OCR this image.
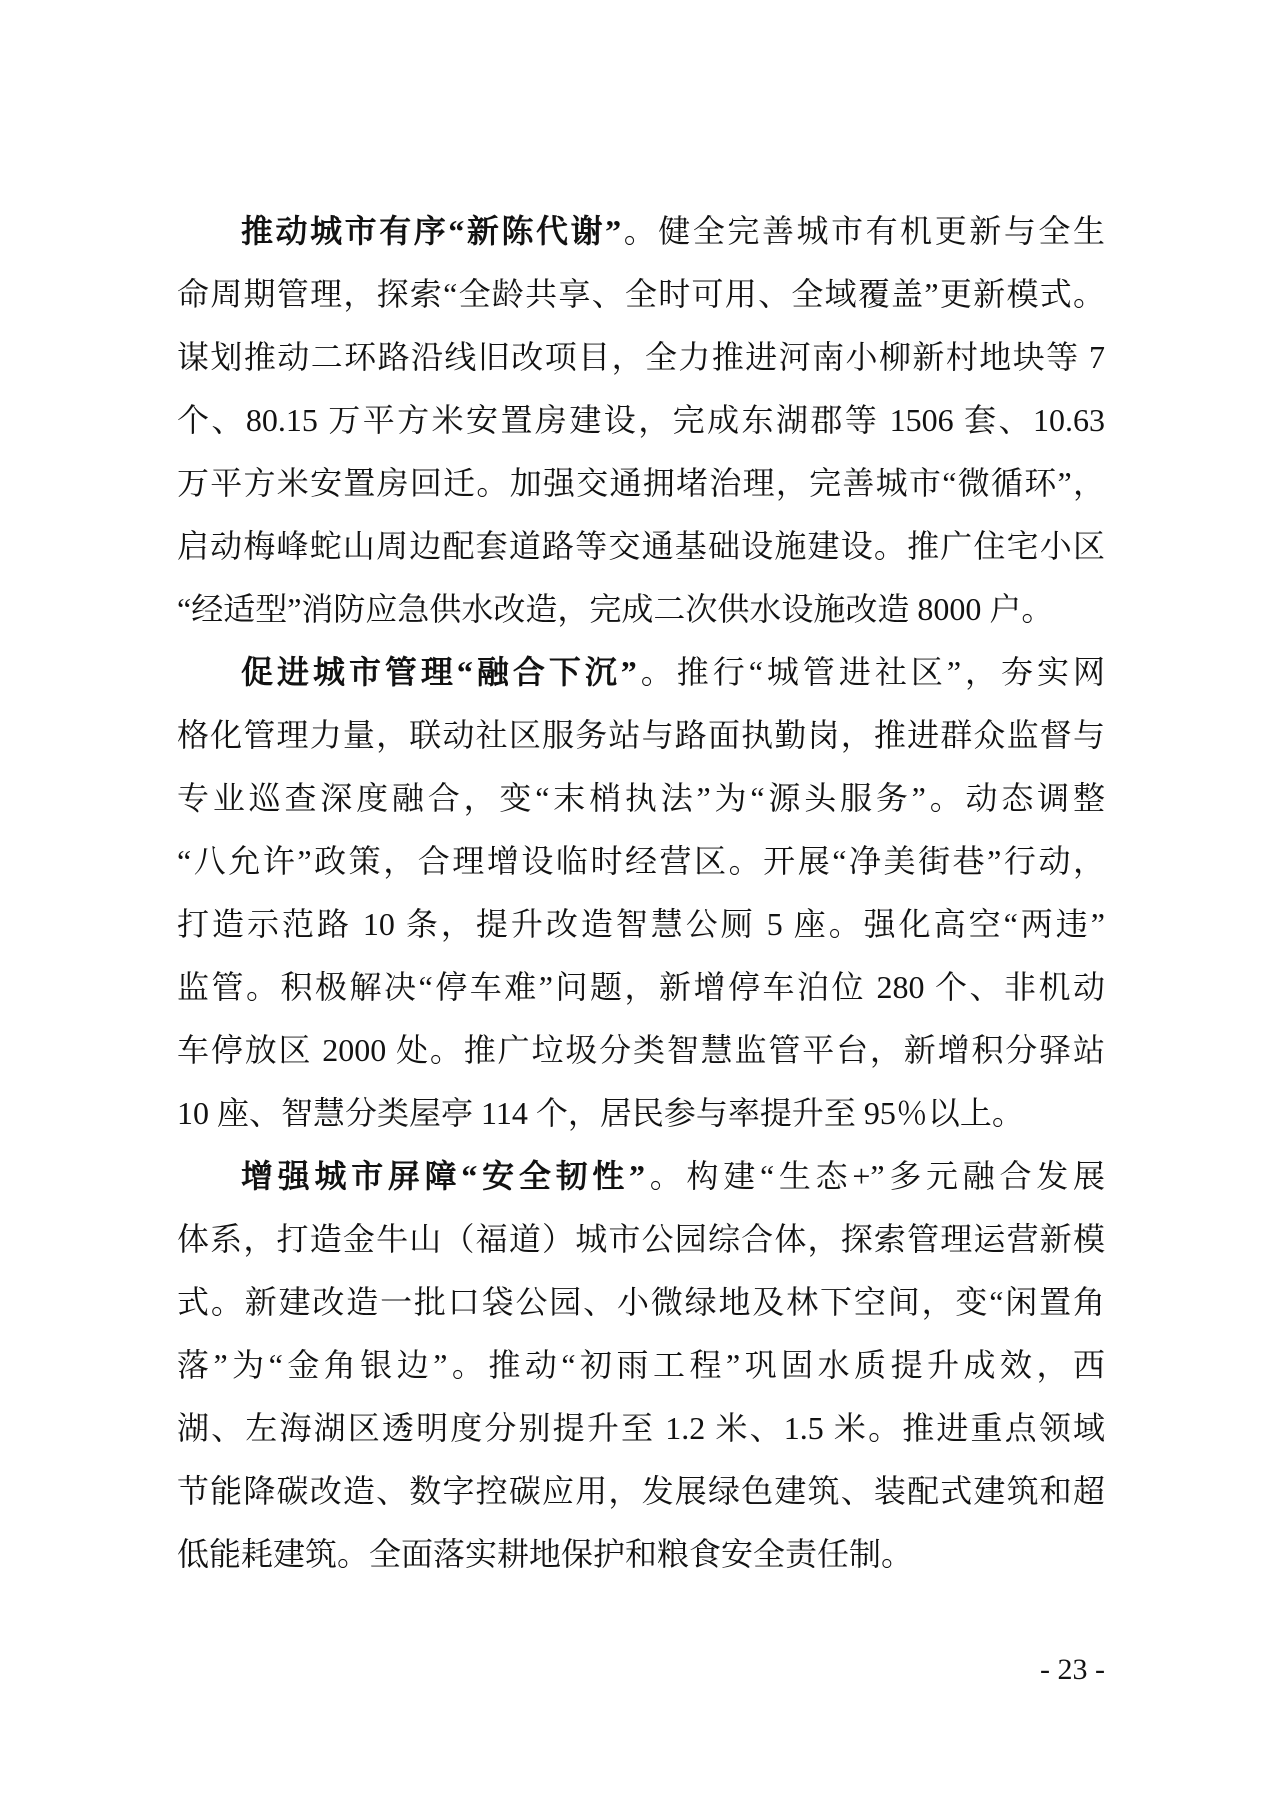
推动城市有序“新陈代谢”。健全完善城市有机更新与全生
命周期管理，探索“全龄共享、全时可用、全域覆盖”更新模式。
谋划推动二环路沿线旧改项目，全力推进河南小柳新村地块等 7
个、80.15 万平方米安置房建设，完成东湖郡等 1506 套、10.63
万平方米安置房回迁。加强交通拥堵治理，完善城市“微循环”，
启动梅峰蛇山周边配套道路等交通基础设施建设。推广住宅小区
“经适型”消防应急供水改造，完成二次供水设施改造 8000 户。
促进城市管理“融合下沉”。推行“城管进社区”，夯实网
格化管理力量，联动社区服务站与路面执勤岗，推进群众监督与
专业巡查深度融合，变“末梢执法”为“源头服务”。动态调整
“八允许”政策，合理增设临时经营区。开展“净美街巷”行动，
打造示范路 10 条，提升改造智慧公厕 5 座。强化高空“两违”
监管。积极解决“停车难”问题，新增停车泊位 280 个、非机动
车停放区 2000 处。推广垃圾分类智慧监管平台，新增积分驿站
10 座、智慧分类屋亭 114 个，居民参与率提升至 95％以上。
增强城市屏障“安全韧性”。构建“生态+”多元融合发展
体系，打造金牛山（福道）城市公园综合体，探索管理运营新模
式。新建改造一批口袋公园、小微绿地及林下空间，变“闲置角
落”为“金角银边”。推动“初雨工程”巩固水质提升成效，西
湖、左海湖区透明度分别提升至 1.2 米、1.5 米。推进重点领域
节能降碳改造、数字控碳应用，发展绿色建筑、装配式建筑和超
低能耗建筑。全面落实耕地保护和粮食安全责任制。
- 23 -
